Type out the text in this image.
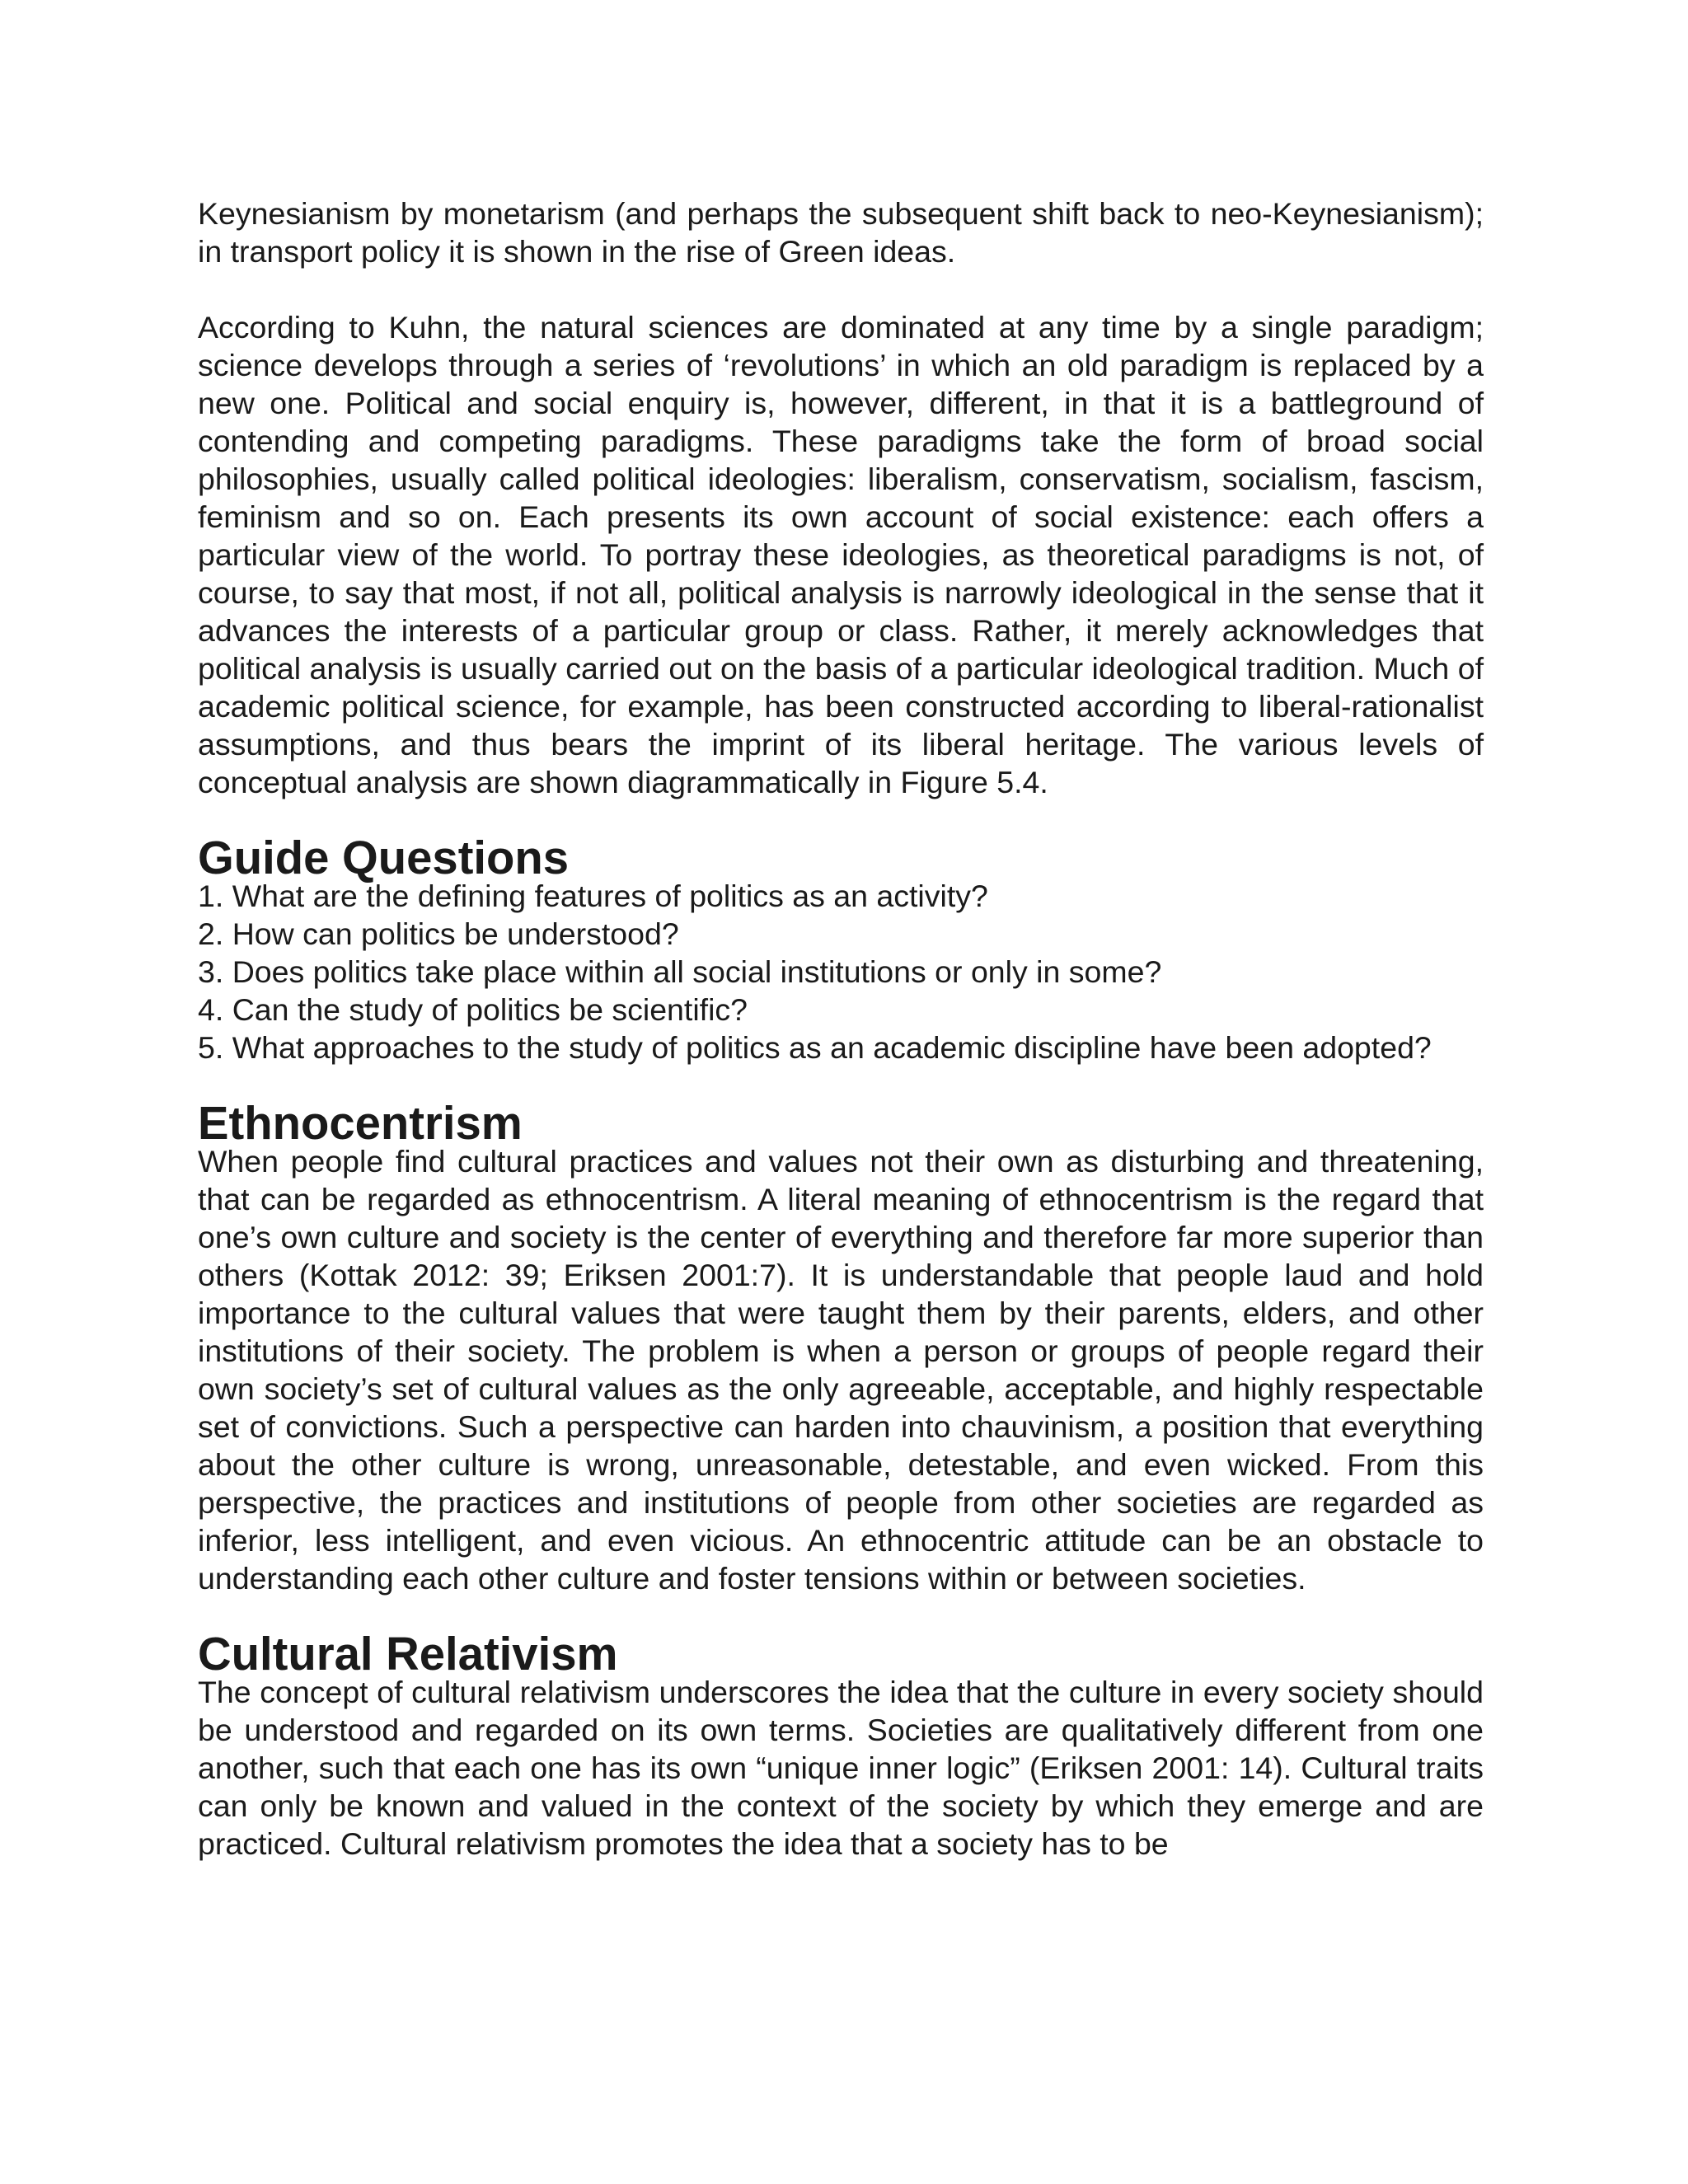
Keynesianism by monetarism (and perhaps the subsequent shift back to neo-Keynesianism); in transport policy it is shown in the rise of Green ideas.

According to Kuhn, the natural sciences are dominated at any time by a single paradigm; science develops through a series of ‘revolutions’ in which an old paradigm is replaced by a new one. Political and social enquiry is, however, different, in that it is a battleground of contending and competing paradigms. These paradigms take the form of broad social philosophies, usually called political ideologies: liberalism, conservatism, socialism, fascism, feminism and so on. Each presents its own account of social existence: each offers a particular view of the world. To portray these ideologies, as theoretical paradigms is not, of course, to say that most, if not all, political analysis is narrowly ideological in the sense that it advances the interests of a particular group or class. Rather, it merely acknowledges that political analysis is usually carried out on the basis of a particular ideological tradition. Much of academic political science, for example, has been constructed according to liberal-rationalist assumptions, and thus bears the imprint of its liberal heritage. The various levels of conceptual analysis are shown diagrammatically in Figure 5.4.

Guide Questions
1. What are the defining features of politics as an activity?
2. How can politics be understood?
3. Does politics take place within all social institutions or only in some?
4. Can the study of politics be scientific?
5. What approaches to the study of politics as an academic discipline have been adopted?
Ethnocentrism

When people find cultural practices and values not their own as disturbing and threatening, that can be regarded as ethnocentrism. A literal meaning of ethnocentrism is the regard that one’s own culture and society is the center of everything and therefore far more superior than others (Kottak 2012: 39; Eriksen 2001:7). It is understandable that people laud and hold importance to the cultural values that were taught them by their parents, elders, and other institutions of their society. The problem is when a person or groups of people regard their own society’s set of cultural values as the only agreeable, acceptable, and highly respectable set of convictions. Such a perspective can harden into chauvinism, a position that everything about the other culture is wrong, unreasonable, detestable, and even wicked. From this perspective, the practices and institutions of people from other societies are regarded as inferior, less intelligent, and even vicious. An ethnocentric attitude can be an obstacle to understanding each other culture and foster tensions within or between societies.

Cultural Relativism

The concept of cultural relativism underscores the idea that the culture in every society should be understood and regarded on its own terms. Societies are qualitatively different from one another, such that each one has its own “unique inner logic” (Eriksen 2001: 14). Cultural traits can only be known and valued in the context of the society by which they emerge and are practiced. Cultural relativism promotes the idea that a society has to be
